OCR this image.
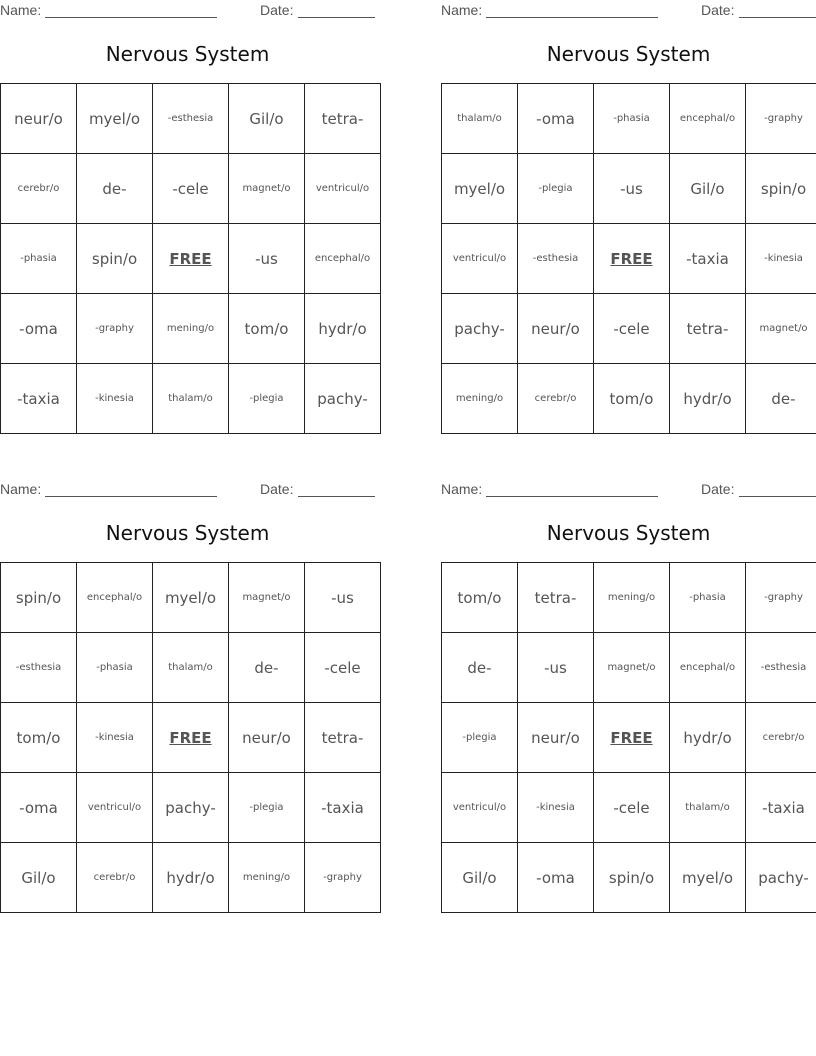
Name:	Date:
Nervous System
neur/o	myel/o	-esthesia	Gil/o	tetra-
cerebr/o	de-	-cele	magnet/o	ventricul/o
-phasia	spin/o	FREE	-us	encephal/o
-oma	-graphy	mening/o	tom/o	hydr/o
-taxia	-kinesia	thalam/o	-plegia	pachy-
Name:	Date:
Nervous System
thalam/o	-oma	-phasia	encephal/o	-graphy
myel/o	-plegia	-us	Gil/o	spin/o
ventricul/o	-esthesia	FREE	-taxia	-kinesia
pachy-	neur/o	-cele	tetra-	magnet/o
mening/o	cerebr/o	tom/o	hydr/o	de-
Name:	Date:
Nervous System
spin/o	encephal/o	myel/o	magnet/o	-us
-esthesia	-phasia	thalam/o	de-	-cele
tom/o	-kinesia	FREE	neur/o	tetra-
-oma	ventricul/o	pachy-	-plegia	-taxia
Gil/o	cerebr/o	hydr/o	mening/o	-graphy
Name:	Date:
Nervous System
tom/o	tetra-	mening/o	-phasia	-graphy
de-	-us	magnet/o	encephal/o	-esthesia
-plegia	neur/o	FREE	hydr/o	cerebr/o
ventricul/o	-kinesia	-cele	thalam/o	-taxia
Gil/o	-oma	spin/o	myel/o	pachy-
